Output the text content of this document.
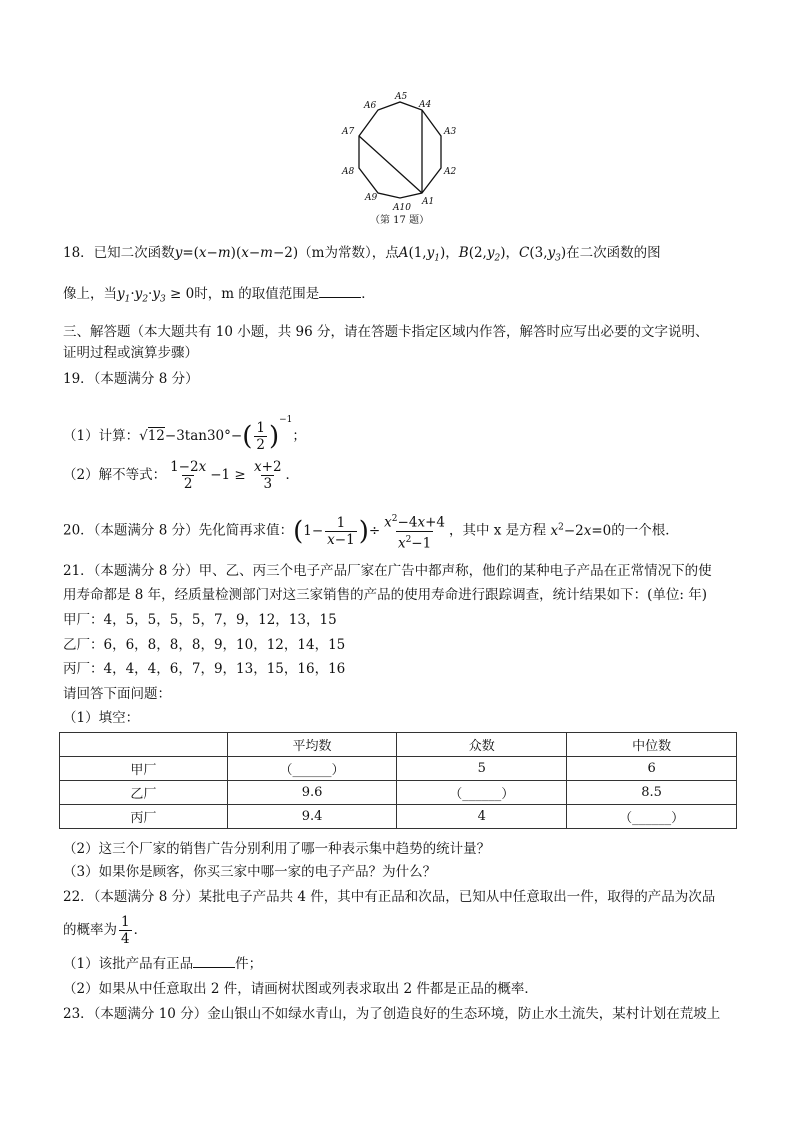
A1
A2
A3
A4
A5
A6
A7
A8
A9
A10
（第 17 题）
18．已知二次函数y=(x−m)(x−m−2)（m为常数），点$A(1,y_1)$，$B(2,y_2)$，$C(3,y_3)$在二次函数的图
像上，当$y_1\cdot y_2\cdot y_3 \ge 0$时，m 的取值范围是	．
三、解答题（本大题共有 10 小题，共 96 分，请在答题卡指定区域内作答，解答时应写出必要的文字说明、
证明过程或演算步骤）
19．（本题满分 8 分）
（1）计算：$√12-3\tan 30^\circ-( \frac{1}{2} )^{-1}$；
（2）解不等式： $\frac{1-2x}{2} -1 \ge \frac{x+2}{3}$ ．
20．（本题满分 8 分）先化简再求值：($1- \frac{1}{x-1}$ )÷ $\frac{x^2-4x+4}{x^2-1}$ ，其中 x 是方程 $x^2-2x=0$的一个根．
21．（本题满分 8 分）甲、乙、丙三个电子产品厂家在广告中都声称，他们的某种电子产品在正常情况下的使
用寿命都是 8 年，经质量检测部门对这三家销售的产品的使用寿命进行跟踪调查，统计结果如下：(单位: 年)
甲厂：4，5，5，5，5，7，9，12，13，15
乙厂：6，6，8，8，8，9，10，12，14，15
丙厂：4，4，4，6，7，9，13，15，16，16
请回答下面问题：
（1）填空：
	平均数	众数	中位数
甲厂	（______）	5	6
乙厂	9.6	（______）	8.5
丙厂	9.4	4	（______）
（2）这三个厂家的销售广告分别利用了哪一种表示集中趋势的统计量？
（3）如果你是顾客，你买三家中哪一家的电子产品？为什么？
22．（本题满分 8 分）某批电子产品共 4 件，其中有正品和次品，已知从中任意取出一件，取得的产品为次品
的概率为 $\frac{1}{4}$ ．
（1）该批产品有正品	件；
（2）如果从中任意取出 2 件，请画树状图或列表求取出 2 件都是正品的概率．
23．（本题满分 10 分）金山银山不如绿水青山，为了创造良好的生态环境，防止水土流失，某村计划在荒坡上
